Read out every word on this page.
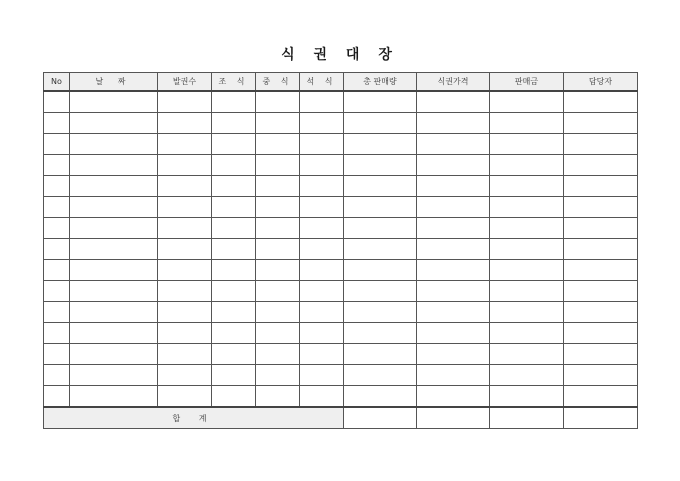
식 권 대 장
No	날 짜	발권수	조 식	중 식	석 식	총 판매량	식권가격	판매금	담당자

합 계									
